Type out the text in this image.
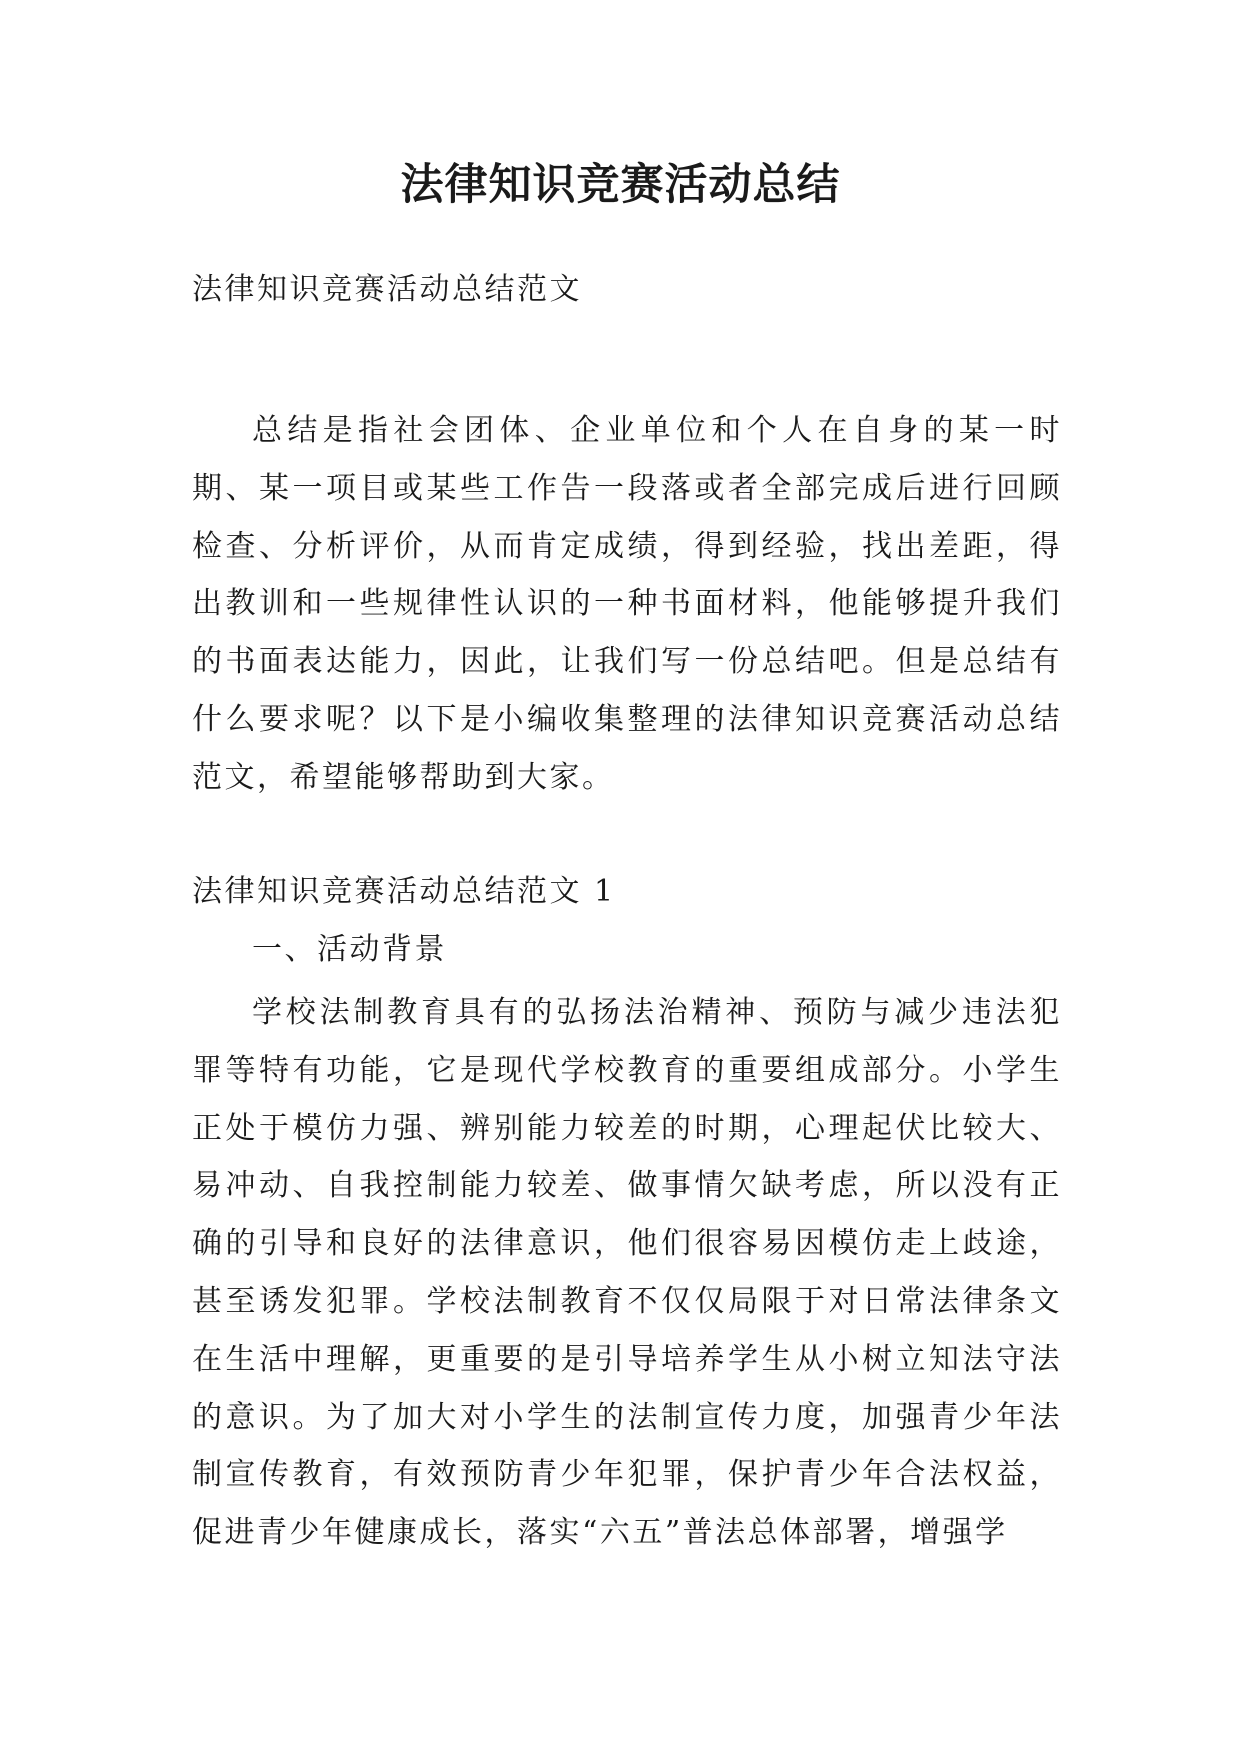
法律知识竞赛活动总结
法律知识竞赛活动总结范文
总结是指社会团体、企业单位和个人在自身的某一时期、某一项目或某些工作告一段落或者全部完成后进行回顾检查、分析评价，从而肯定成绩，得到经验，找出差距，得出教训和一些规律性认识的一种书面材料，他能够提升我们的书面表达能力，因此，让我们写一份总结吧。但是总结有什么要求呢？以下是小编收集整理的法律知识竞赛活动总结范文，希望能够帮助到大家。
法律知识竞赛活动总结范文 1
一、活动背景
学校法制教育具有的弘扬法治精神、预防与减少违法犯罪等特有功能，它是现代学校教育的重要组成部分。小学生正处于模仿力强、辨别能力较差的时期，心理起伏比较大、易冲动、自我控制能力较差、做事情欠缺考虑，所以没有正确的引导和良好的法律意识，他们很容易因模仿走上歧途，甚至诱发犯罪。学校法制教育不仅仅局限于对日常法律条文在生活中理解，更重要的是引导培养学生从小树立知法守法的意识。为了加大对小学生的法制宣传力度，加强青少年法制宣传教育，有效预防青少年犯罪，保护青少年合法权益，促进青少年健康成长，落实“六五”普法总体部署，增强学
